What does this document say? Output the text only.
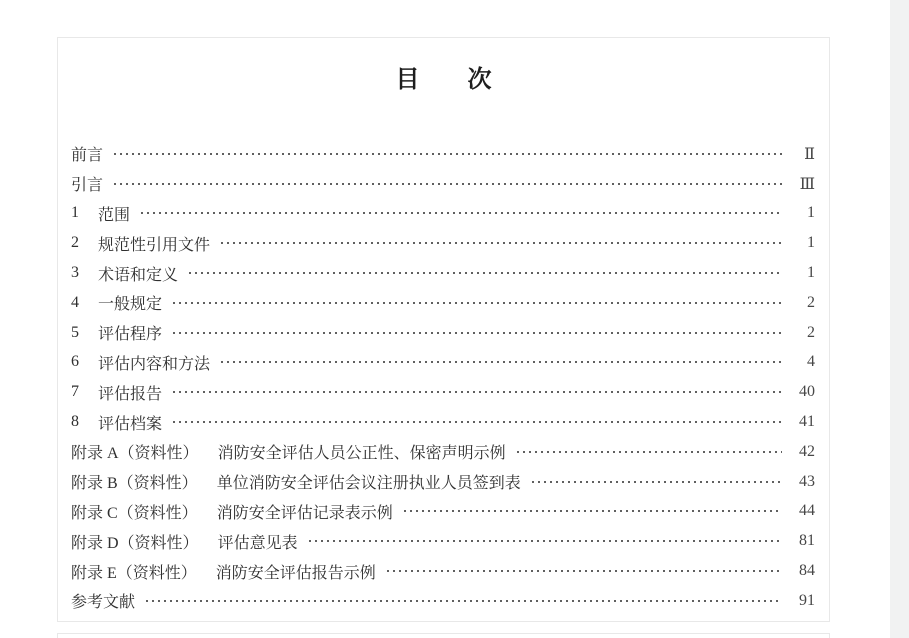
目　　次
前言	Ⅱ
引言	Ⅲ
1 范围	1
2 规范性引用文件	1
3 术语和定义	1
4 一般规定	2
5 评估程序	2
6 评估内容和方法	4
7 评估报告	40
8 评估档案	41
附录 A（资料性） 消防安全评估人员公正性、保密声明示例	42
附录 B（资料性） 单位消防安全评估会议注册执业人员签到表	43
附录 C（资料性） 消防安全评估记录表示例	44
附录 D（资料性） 评估意见表	81
附录 E（资料性） 消防安全评估报告示例	84
参考文献	91
